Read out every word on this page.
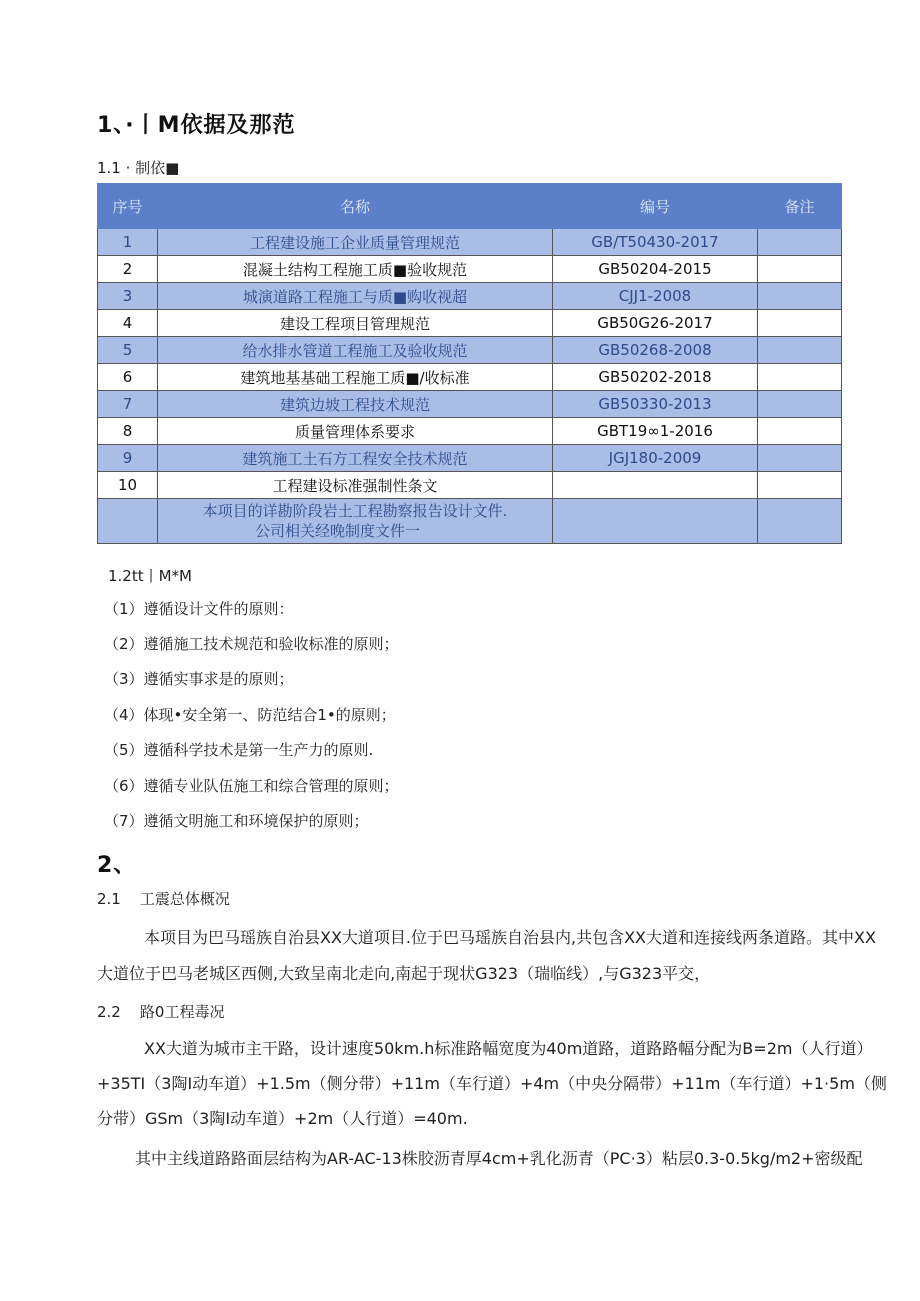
1、·丨M依据及那范
1.1 · 制依■
序号	名称	编号	备注
1	工程建设施工企业质量管理规范	GB/T50430-2017	
2	混凝土结构工程施工质■验收规范	GB50204-2015	
3	城演道路工程施工与质■购收视超	CJJ1-2008	
4	建设工程项目管理规范	GB50G26-2017	
5	给水排水管道工程施工及验收规范	GB50268-2008	
6	建筑地基基础工程施工质■/收标准	GB50202-2018	
7	建筑边坡工程技术规范	GB50330-2013	
8	质量管理体系要求	GBT19∞1-2016	
9	建筑施工土石方工程安全技术规范	JGJ180-2009	
10	工程建设标准强制性条文		

	本项目的详勘阶段岩土工程勘察报告设计文件.
公司相关经晚制度文件一		

1.2tt丨M*M
（1）遵循设计文件的原则：
（2）遵循施工技术规范和验收标准的原则；
（3）遵循实事求是的原则；
（4）体现•安全第一、防范结合1•的原则；
（5）遵循科学技术是第一生产力的原则.
（6）遵循专业队伍施工和综合管理的原则；
（7）遵循文明施工和环境保护的原则；
2、
2.1    工震总体概况
本项目为巴马瑶族自治县XX大道项目.位于巴马瑶族自治县内,共包含XX大道和连接线两条道路。其中XX
大道位于巴马老城区西侧,大致呈南北走向,南起于现状G323（瑞临线）,与G323平交，
2.2    路0工程毒况
XX大道为城市主干路，设计速度50km.h标准路幅宽度为40m道路，道路路幅分配为B=2m（人行道）
+35TI（3陶I动车道）+1.5m（侧分带）+11m（车行道）+4m（中央分隔带）+11m（车行道）+1·5m（侧
分带）GSm（3陶I动车道）+2m（人行道）=40m.
其中主线道路路面层结构为AR-AC-13株胶沥青厚4cm+乳化沥青（PC·3）粘层0.3-0.5kg∕m2+密级配
